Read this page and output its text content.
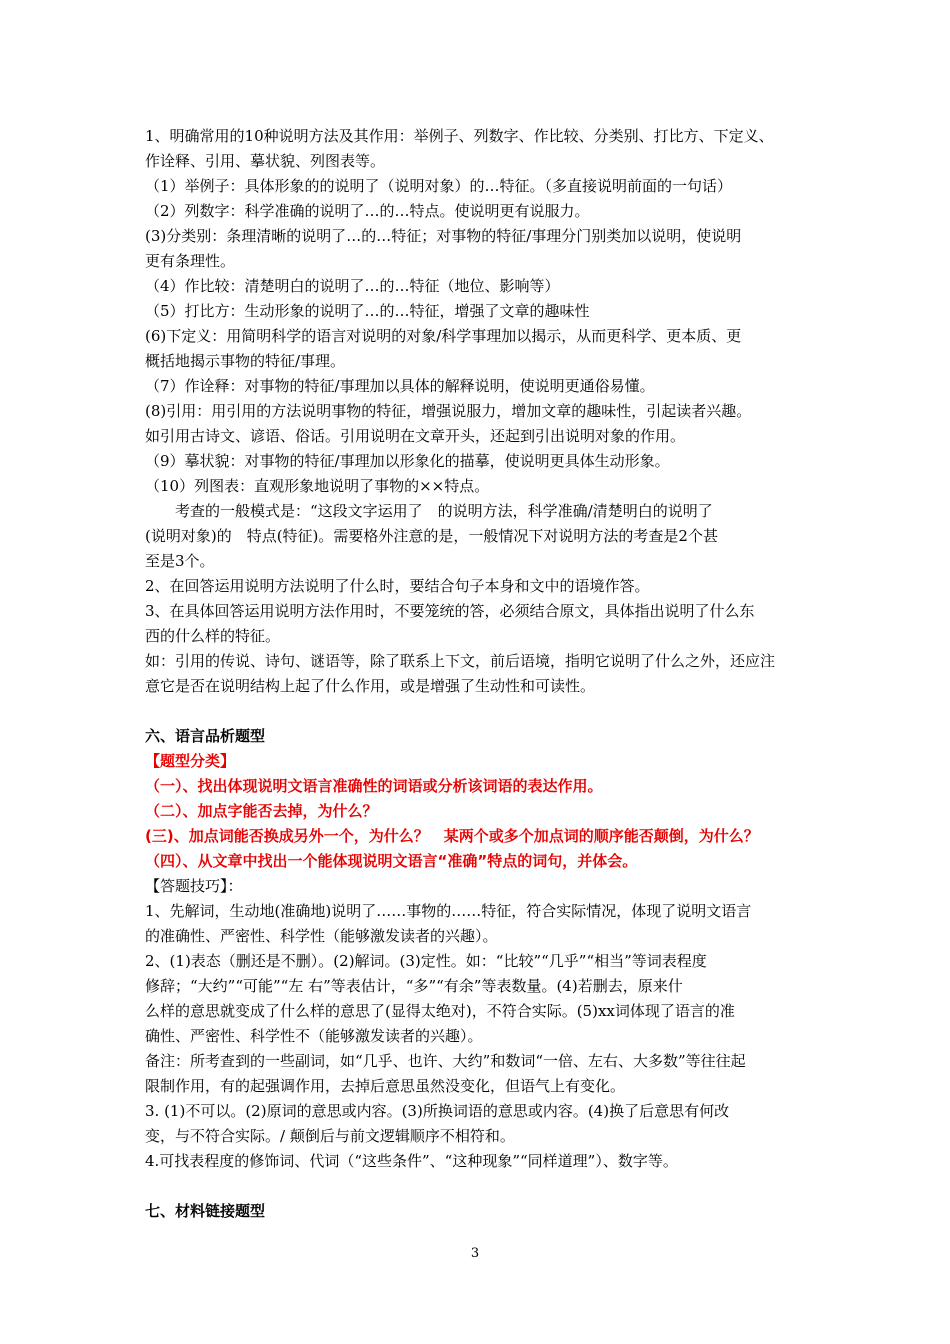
1、明确常用的10种说明方法及其作用：举例子、列数字、作比较、分类别、打比方、下定义、

作诠释、引用、摹状貌、列图表等。

（1）举例子：具体形象的的说明了（说明对象）的…特征。（多直接说明前面的一句话）

（2）列数字：科学准确的说明了…的…特点。使说明更有说服力。

(3)分类别：条理清晰的说明了…的…特征；对事物的特征/事理分门别类加以说明，使说明

更有条理性。

（4）作比较：清楚明白的说明了…的…特征（地位、影响等）

（5）打比方：生动形象的说明了…的…特征，增强了文章的趣味性

(6)下定义：用简明科学的语言对说明的对象/科学事理加以揭示，从而更科学、更本质、更

概括地揭示事物的特征/事理。

（7）作诠释：对事物的特征/事理加以具体的解释说明，使说明更通俗易懂。

(8)引用：用引用的方法说明事物的特征，增强说服力，增加文章的趣味性，引起读者兴趣。

如引用古诗文、谚语、俗话。引用说明在文章开头，还起到引出说明对象的作用。

（9）摹状貌：对事物的特征/事理加以形象化的描摹，使说明更具体生动形象。

（10）列图表：直观形象地说明了事物的××特点。

考查的一般模式是：“这段文字运用了　的说明方法，科学准确/清楚明白的说明了

(说明对象)的　特点(特征)。需要格外注意的是，一般情况下对说明方法的考查是2个甚

至是3个。

2、在回答运用说明方法说明了什么时，要结合句子本身和文中的语境作答。

3、在具体回答运用说明方法作用时，不要笼统的答，必须结合原文，具体指出说明了什么东

西的什么样的特征。

如：引用的传说、诗句、谜语等，除了联系上下文，前后语境，指明它说明了什么之外，还应注

意它是否在说明结构上起了什么作用，或是增强了生动性和可读性。

六、语言品析题型

【题型分类】

（一）、找出体现说明文语言准确性的词语或分析该词语的表达作用。

（二）、加点字能否去掉，为什么？

(三)、加点词能否换成另外一个，为什么？　某两个或多个加点词的顺序能否颠倒，为什么？

（四）、从文章中找出一个能体现说明文语言“准确”特点的词句，并体会。

【答题技巧】：

1、先解词，生动地(准确地)说明了……事物的……特征，符合实际情况，体现了说明文语言

的准确性、严密性、科学性（能够激发读者的兴趣）。

2、(1)表态（删还是不删）。(2)解词。(3)定性。如：“比较”“几乎”“相当”等词表程度

修辞；“大约”“可能”“左 右”等表估计，“多”“有余”等表数量。(4)若删去，原来什

么样的意思就变成了什么样的意思了(显得太绝对)，不符合实际。(5)xx词体现了语言的准

确性、严密性、科学性不（能够激发读者的兴趣）。

备注：所考查到的一些副词，如“几乎、也许、大约”和数词“一倍、左右、大多数”等往往起

限制作用，有的起强调作用，去掉后意思虽然没变化，但语气上有变化。

3. (1)不可以。(2)原词的意思或内容。(3)所换词语的意思或内容。(4)换了后意思有何改

变，与不符合实际。/ 颠倒后与前文逻辑顺序不相符和。

4.可找表程度的修饰词、代词（“这些条件”、“这种现象”“同样道理”）、数字等。

七、材料链接题型

3
